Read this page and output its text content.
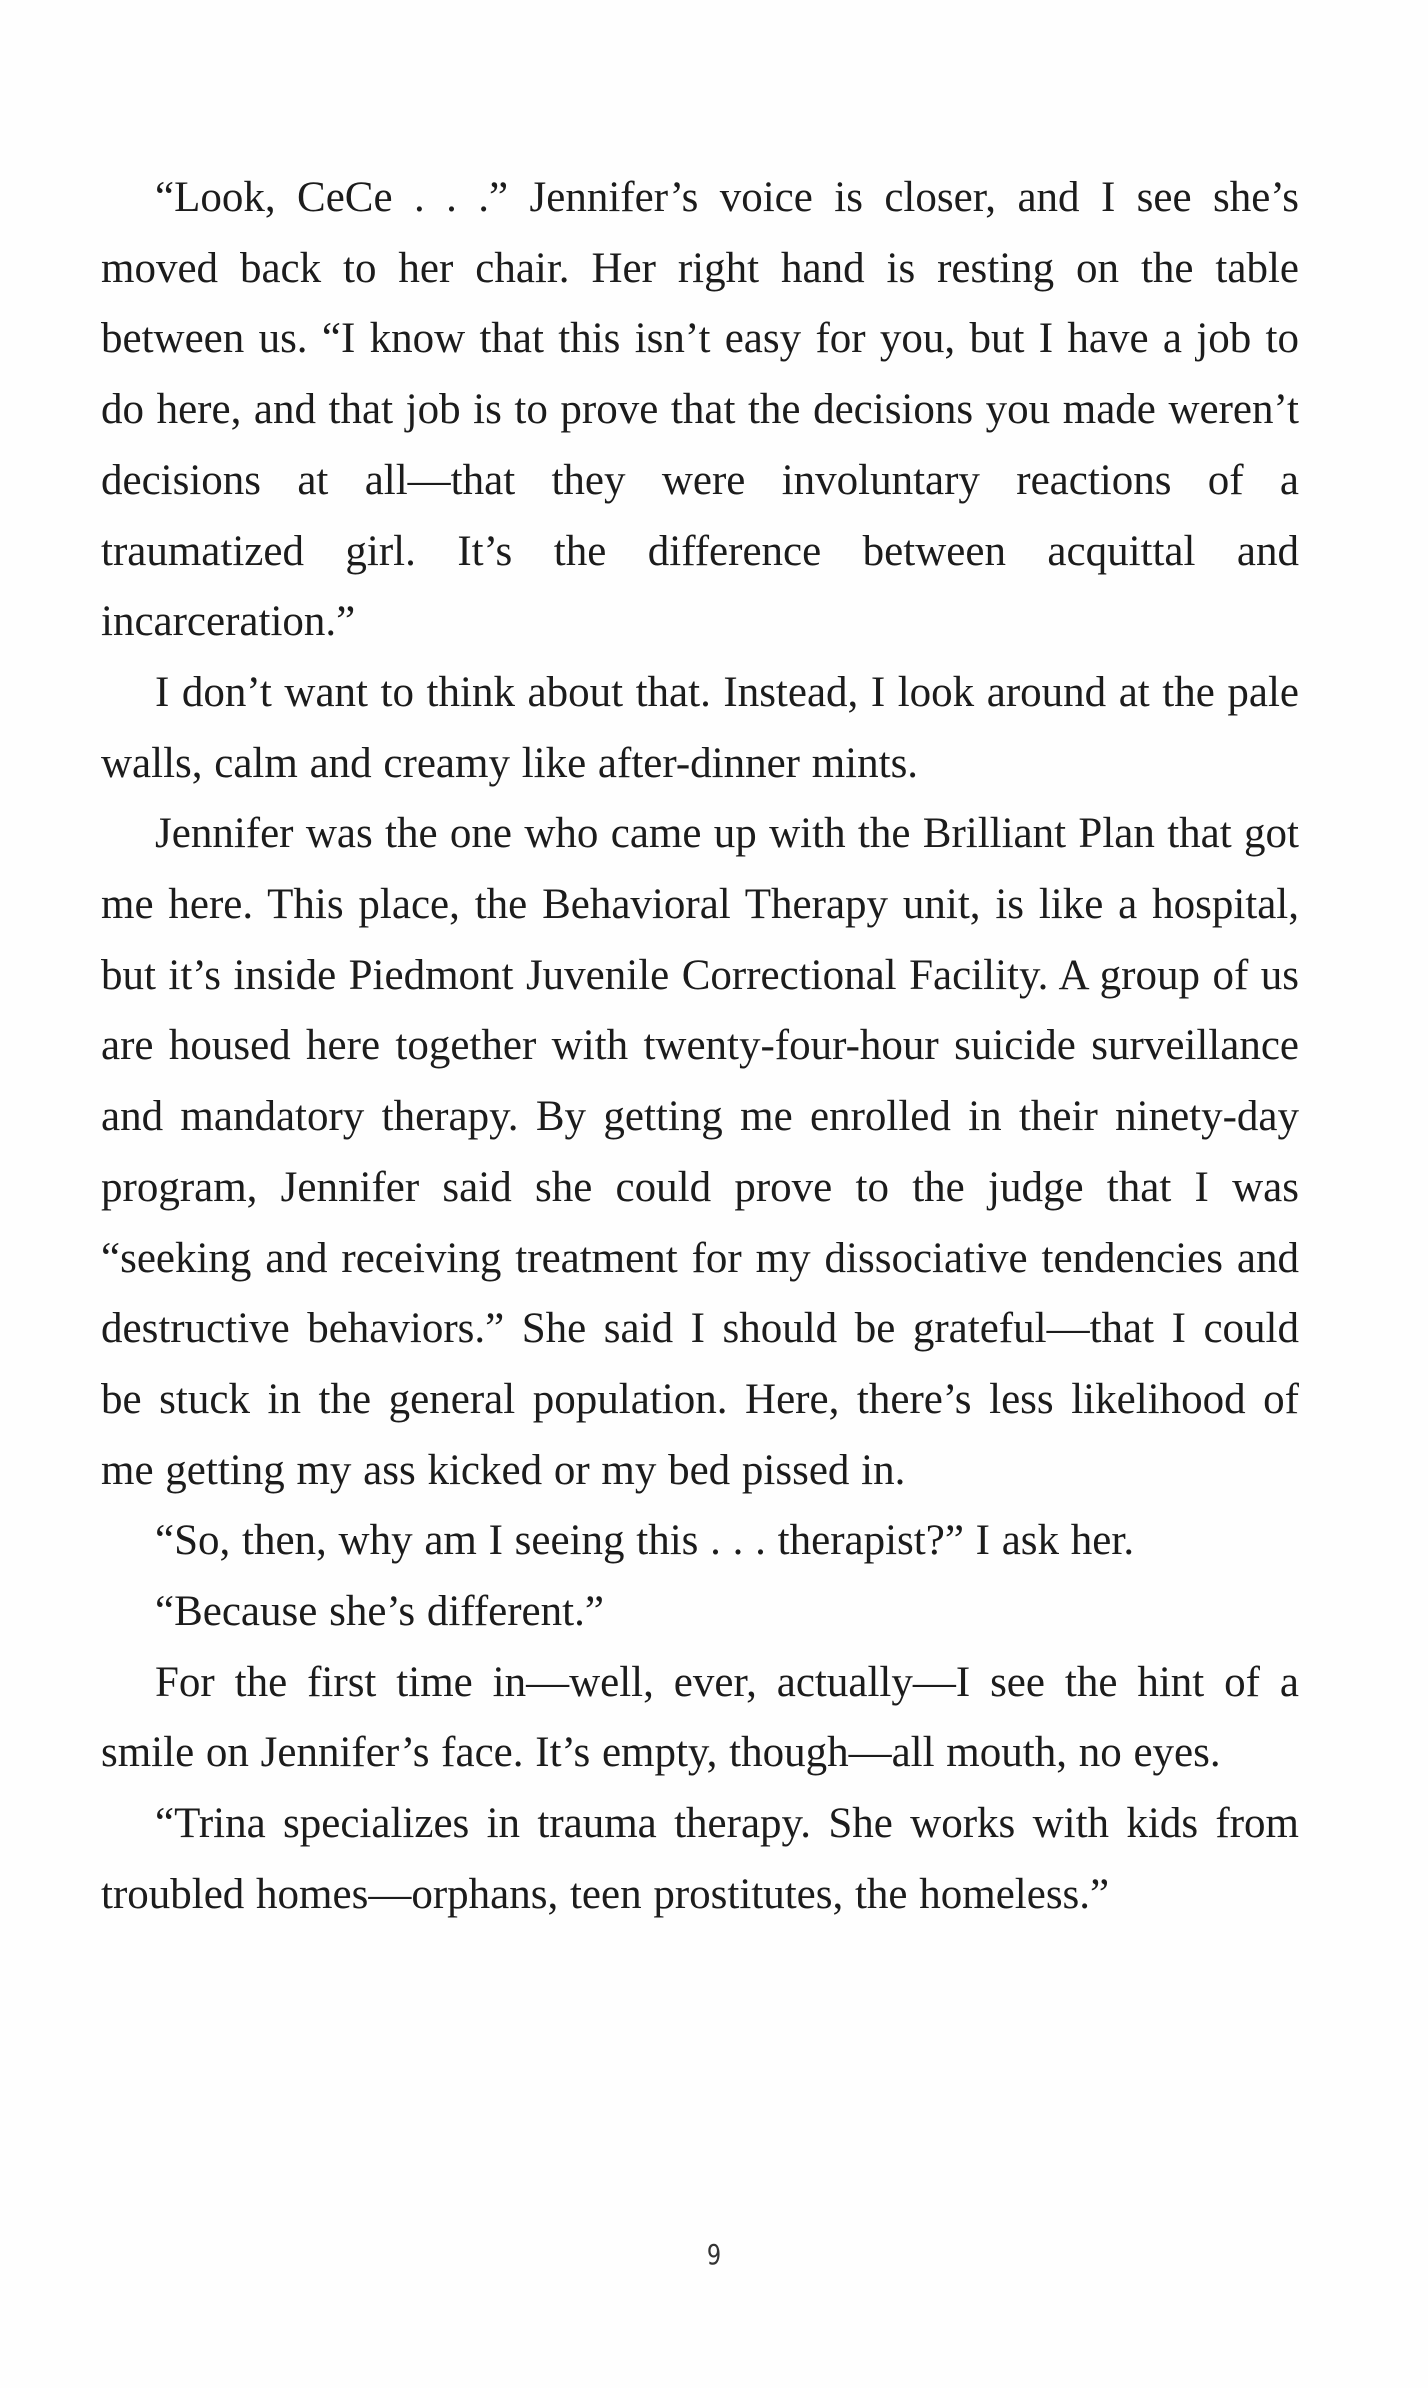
“Look, CeCe . . .” Jennifer’s voice is closer, and I see she’s moved back to her chair. Her right hand is resting on the table between us. “I know that this isn’t easy for you, but I have a job to do here, and that job is to prove that the decisions you made weren’t decisions at all—that they were involuntary reactions of a traumatized girl. It’s the difference between acquittal and incarceration.”

I don’t want to think about that. Instead, I look around at the pale walls, calm and creamy like after-dinner mints.

Jennifer was the one who came up with the Brilliant Plan that got me here. This place, the Behavioral Therapy unit, is like a hospital, but it’s inside Piedmont Juvenile Correctional Facility. A group of us are housed here together with twenty-four-hour suicide surveillance and mandatory therapy. By getting me enrolled in their ninety-day program, Jennifer said she could prove to the judge that I was “seeking and receiving treatment for my dissociative tendencies and destructive behaviors.” She said I should be grateful—that I could be stuck in the general population. Here, there’s less likelihood of me getting my ass kicked or my bed pissed in.

“So, then, why am I seeing this . . . therapist?” I ask her.

“Because she’s different.”

For the first time in—well, ever, actually—I see the hint of a smile on Jennifer’s face. It’s empty, though—all mouth, no eyes.

“Trina specializes in trauma therapy. She works with kids from troubled homes—orphans, teen prostitutes, the homeless.”

9
